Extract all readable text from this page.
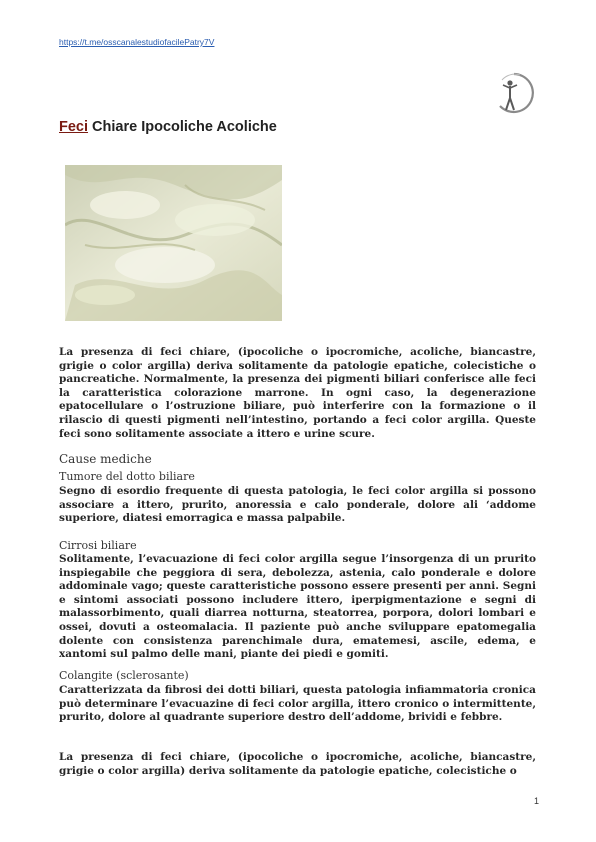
https://t.me/osscanalestudiofacilePatry7V
Feci Chiare Ipocoliche Acoliche
La presenza di feci chiare, (ipocoliche o ipocromiche, acoliche, biancastre, grigie o color argilla) deriva solitamente da patologie epatiche, colecistiche o pancreatiche. Normalmente, la presenza dei pigmenti biliari conferisce alle feci la caratteristica colorazione marrone. In ogni caso, la degenerazione epatocellulare o l’ostruzione biliare, può interferire con la formazione o il rilascio di questi pigmenti nell’intestino, portando a feci color argilla. Queste feci sono solitamente associate a ittero e urine scure.
Cause mediche
Tumore del dotto biliare
Segno di esordio frequente di questa patologia, le feci color argilla si possono associare a ittero, prurito, anoressia e calo ponderale, dolore ali ‘addome superiore, diatesi emorragica e massa palpabile.
Cirrosi biliare
Solitamente, l’evacuazione di feci color argilla segue l’insorgenza di un prurito inspiegabile che peggiora di sera, debolezza, astenia, calo ponderale e dolore addominale vago; queste caratteristiche possono essere presenti per anni. Segni e sintomi associati possono includere ittero, iperpigmentazione e segni di malassorbimento, quali diarrea notturna, steatorrea, porpora, dolori lombari e ossei, dovuti a osteomalacia. Il paziente può anche sviluppare epatomegalia dolente con consistenza parenchimale dura, ematemesi, ascile, edema, e xantomi sul palmo delle mani, piante dei piedi e gomiti.
Colangite (sclerosante)
Caratterizzata da fibrosi dei dotti biliari, questa patologia infiammatoria cronica può determinare l’evacuazine di feci color argilla, ittero cronico o intermittente, prurito, dolore al quadrante superiore destro dell’addome, brividi e febbre.
La presenza di feci chiare, (ipocoliche o ipocromiche, acoliche, biancastre, grigie o color argilla) deriva solitamente da patologie epatiche, colecistiche o
1
